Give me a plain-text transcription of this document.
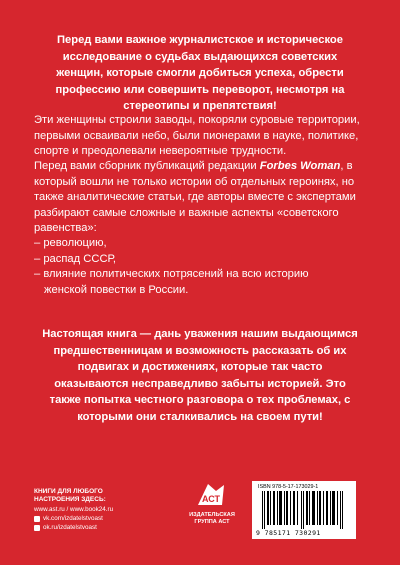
Перед вами важное журналистское и историческое исследование о судьбах выдающихся советских женщин, которые смогли добиться успеха, обрести профессию или совершить переворот, несмотря на стереотипы и препятствия!
Эти женщины строили заводы, покоряли суровые территории, первыми осваивали небо, были пионерами в науке, политике, спорте и преодолевали невероятные трудности.
Перед вами сборник публикаций редакции Forbes Woman, в который вошли не только истории об отдельных героинях, но также аналитические статьи, где авторы вместе с экспертами разбирают самые сложные и важные аспекты «советского равенства»:
– революцию,
– распад СССР,
– влияние политических потрясений на всю историю
женской повестки в России.
Настоящая книга — дань уважения нашим выдающимся предшественницам и возможность рассказать об их подвигах и достижениях, которые так часто оказываются несправедливо забыты историей. Это также попытка честного разговора о тех проблемах, с которыми они сталкивались на своем пути!
КНИГИ ДЛЯ ЛЮБОГО НАСТРОЕНИЯ ЗДЕСЬ:
www.ast.ru / www.book24.ru
vk.com/izdatelstvoast
ok.ru/izdatelstvoast
АСТ
ИЗДАТЕЛЬСКАЯ ГРУППА АСТ
ISBN 978-5-17-173029-1
9 785171 730291
